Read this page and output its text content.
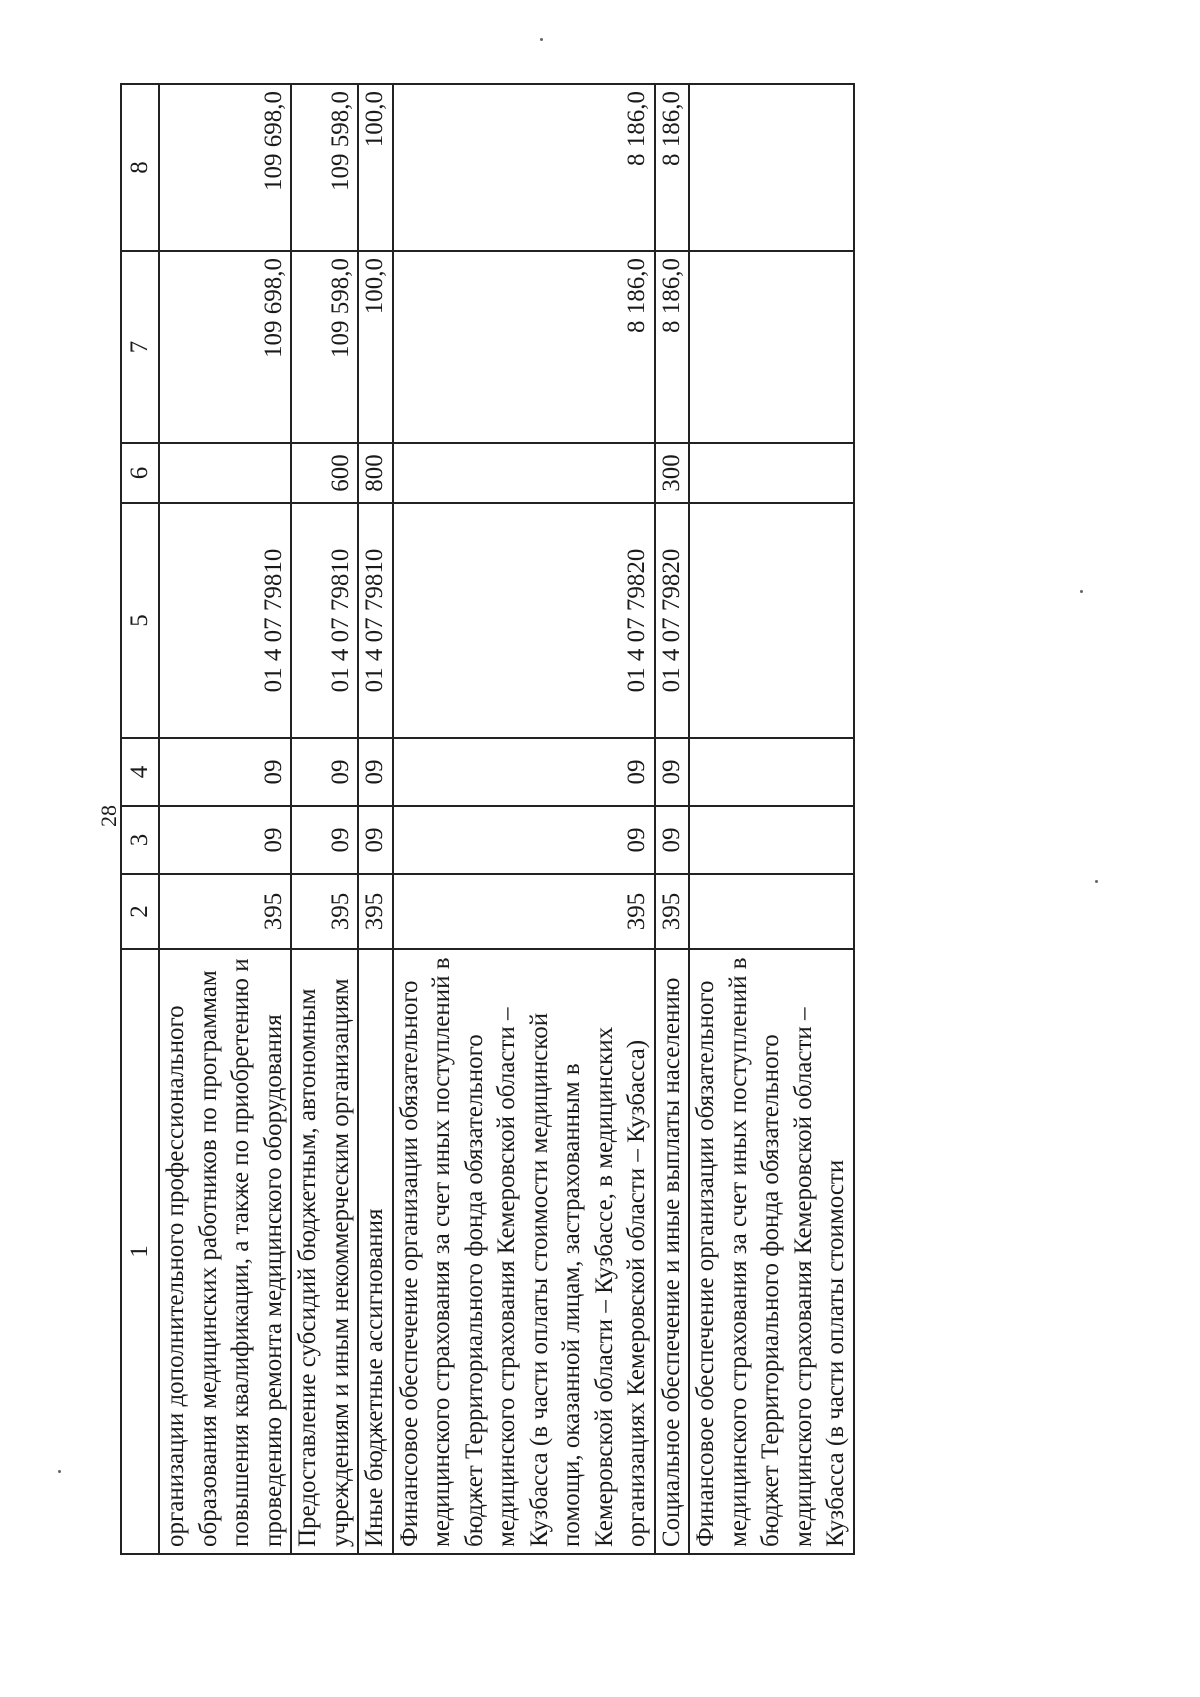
28
1	2	3	4	5	6	7	8
организации дополнительного профессионального образования медицинских работников по программам повышения квалификации, а также по приобретению и проведению ремонта медицинского оборудования	395	09	09	01 4 07 79810		109 698,0	109 698,0
Предоставление субсидий бюджетным, автономным учреждениям и иным некоммерческим организациям	395	09	09	01 4 07 79810	600	109 598,0	109 598,0
Иные бюджетные ассигнования	395	09	09	01 4 07 79810	800	100,0	100,0
Финансовое обеспечение организации обязательного медицинского страхования за счет иных поступлений в бюджет Территориального фонда обязательного медицинского страхования Кемеровской области – Кузбасса (в части оплаты стоимости медицинской помощи, оказанной лицам, застрахованным в Кемеровской области – Кузбассе, в медицинских организациях Кемеровской области – Кузбасса)	395	09	09	01 4 07 79820		8 186,0	8 186,0
Социальное обеспечение и иные выплаты населению	395	09	09	01 4 07 79820	300	8 186,0	8 186,0
Финансовое обеспечение организации обязательного медицинского страхования за счет иных поступлений в бюджет Территориального фонда обязательного медицинского страхования Кемеровской области – Кузбасса (в части оплаты стоимости							
